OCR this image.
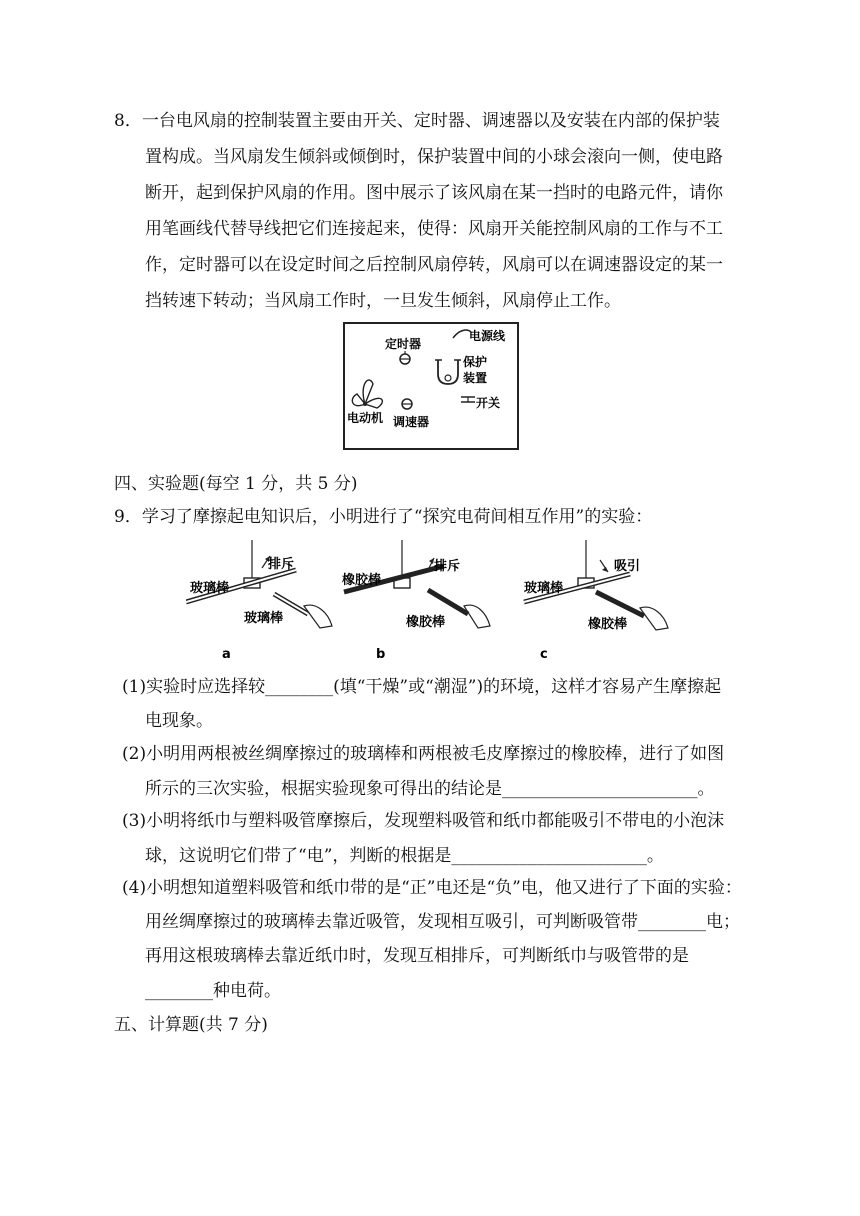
8．一台电风扇的控制装置主要由开关、定时器、调速器以及安装在内部的保护装
置构成。当风扇发生倾斜或倾倒时，保护装置中间的小球会滚向一侧，使电路
断开，起到保护风扇的作用。图中展示了该风扇在某一挡时的电路元件，请你
用笔画线代替导线把它们连接起来，使得：风扇开关能控制风扇的工作与不工
作，定时器可以在设定时间之后控制风扇停转，风扇可以在调速器设定的某一
挡转速下转动；当风扇工作时，一旦发生倾斜，风扇停止工作。
定时器
电源线
保护
装置
开关
电动机 调速器
四、实验题(每空 1 分，共 5 分)
9．学习了摩擦起电知识后，小明进行了“探究电荷间相互作用”的实验：
排斥
玻璃棒
玻璃棒
a
排斥
橡胶棒
橡胶棒
b
吸引
玻璃棒
橡胶棒
c
(1)实验时应选择较________(填“干燥”或“潮湿”)的环境，这样才容易产生摩擦起
电现象。
(2)小明用两根被丝绸摩擦过的玻璃棒和两根被毛皮摩擦过的橡胶棒，进行了如图
所示的三次实验，根据实验现象可得出的结论是_______________________。
(3)小明将纸巾与塑料吸管摩擦后，发现塑料吸管和纸巾都能吸引不带电的小泡沫
球，这说明它们带了“电”，判断的根据是_______________________。
(4)小明想知道塑料吸管和纸巾带的是“正”电还是“负”电，他又进行了下面的实验：
用丝绸摩擦过的玻璃棒去靠近吸管，发现相互吸引，可判断吸管带________电；
再用这根玻璃棒去靠近纸巾时，发现互相排斥，可判断纸巾与吸管带的是
________种电荷。
五、计算题(共 7 分)
